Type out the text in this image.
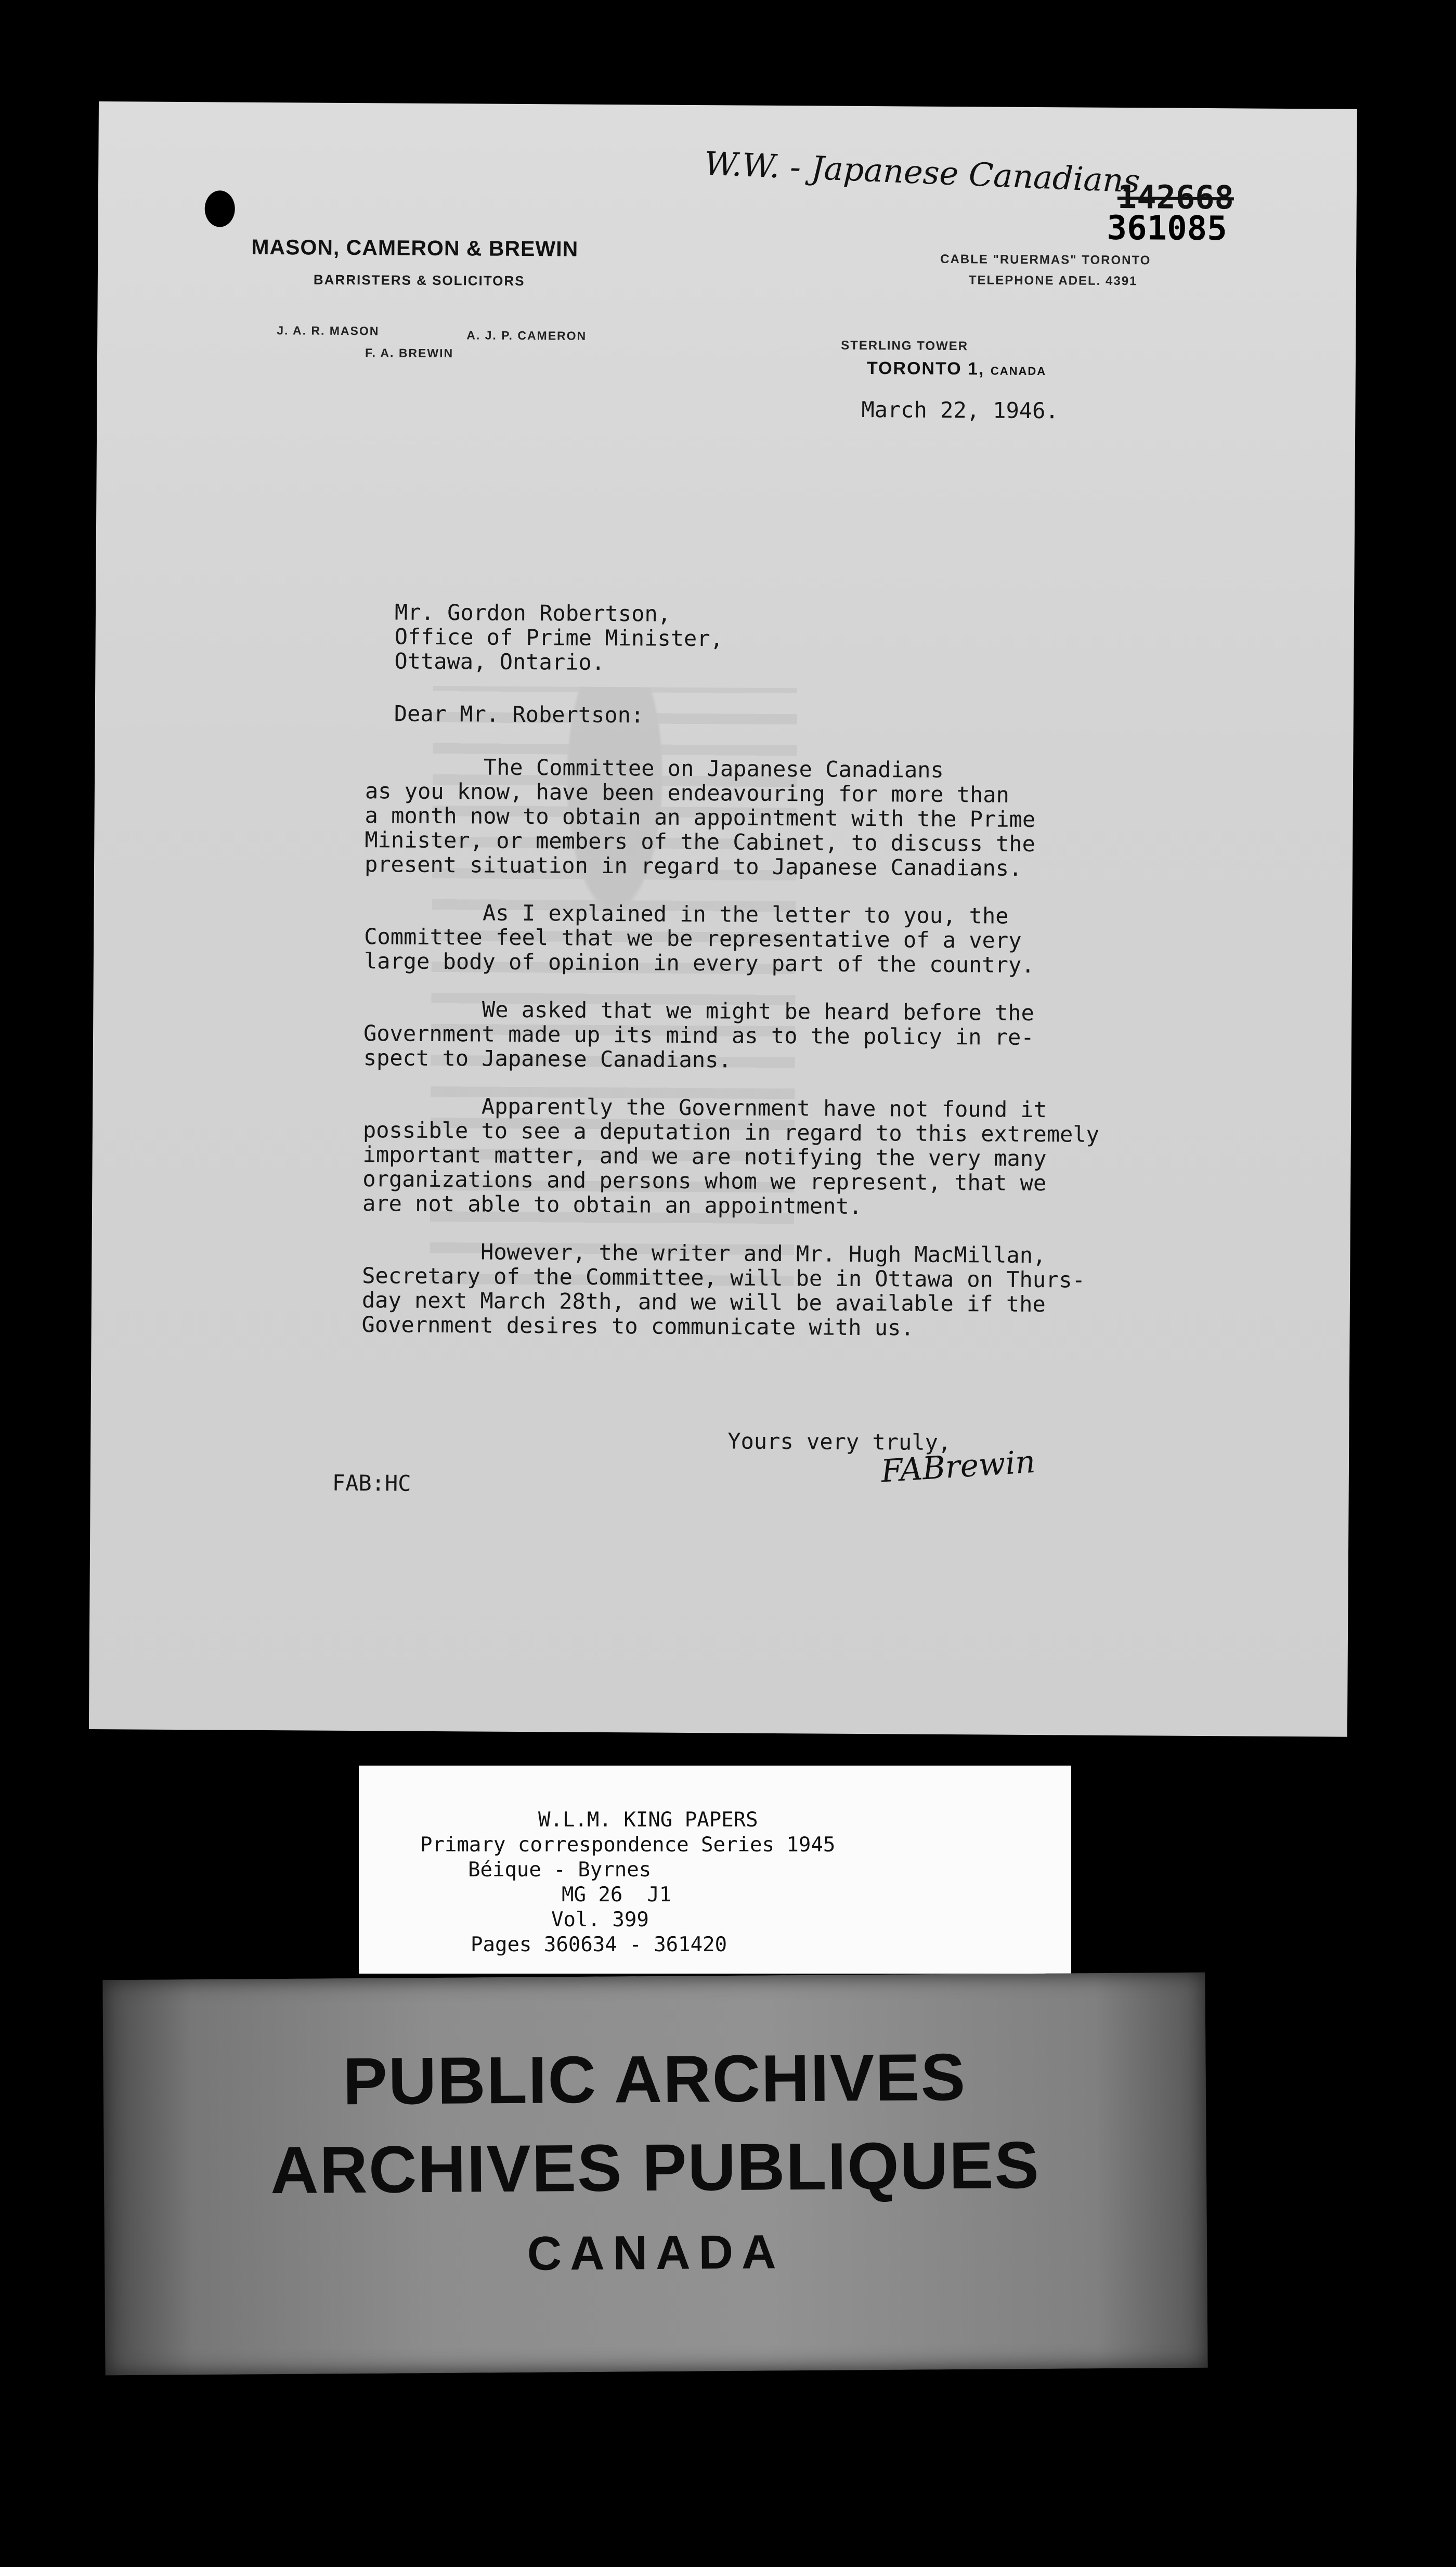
W.W. - Japanese Canadians
142668
361085
MASON, CAMERON & BREWIN
BARRISTERS & SOLICITORS
J. A. R. MASON	A. J. P. CAMERON
F. A. BREWIN
CABLE "RUERMAS" TORONTO
TELEPHONE ADEL. 4391
STERLING TOWER
TORONTO 1, CANADA
March 22, 1946.
Mr. Gordon Robertson,
Office of Prime Minister,
Ottawa, Ontario.
Dear Mr. Robertson:
The Committee on Japanese Canadians
as you know, have been endeavouring for more than
a month now to obtain an appointment with the Prime
Minister, or members of the Cabinet, to discuss the
present situation in regard to Japanese Canadians.
As I explained in the letter to you, the
Committee feel that we be representative of a very
large body of opinion in every part of the country.
We asked that we might be heard before the
Government made up its mind as to the policy in re-
spect to Japanese Canadians.
Apparently the Government have not found it
possible to see a deputation in regard to this extremely
important matter, and we are notifying the very many
organizations and persons whom we represent, that we
are not able to obtain an appointment.
However, the writer and Mr. Hugh MacMillan,
Secretary of the Committee, will be in Ottawa on Thurs-
day next March 28th, and we will be available if the
Government desires to communicate with us.
Yours very truly,
FABrewin
FAB:HC
W.L.M. KING PAPERS
Primary correspondence Series 1945
Béique - Byrnes
MG 26  J1
Vol. 399
Pages 360634 - 361420
PUBLIC ARCHIVES
ARCHIVES PUBLIQUES
CANADA
